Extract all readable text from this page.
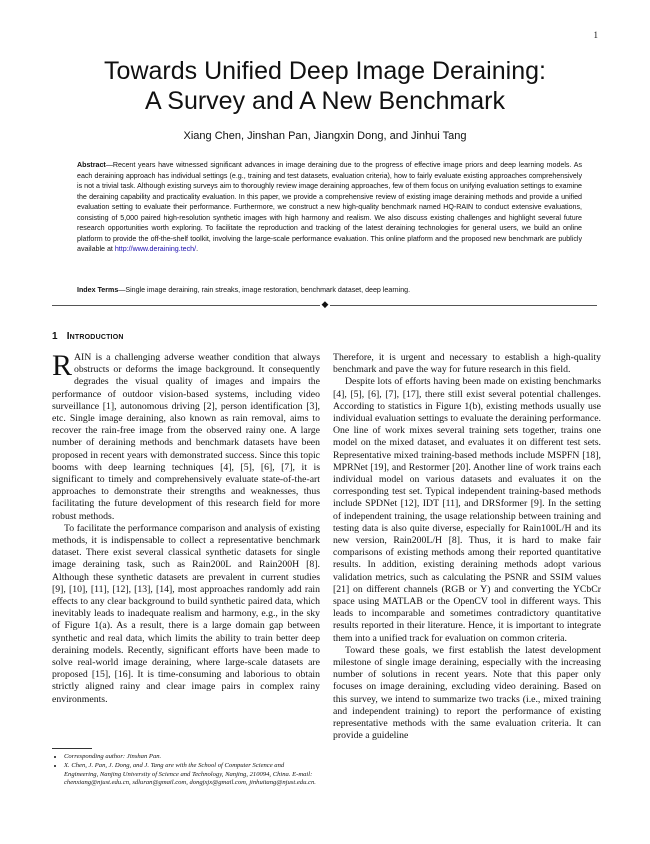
1
Towards Unified Deep Image Deraining:
A Survey and A New Benchmark
Xiang Chen, Jinshan Pan, Jiangxin Dong, and Jinhui Tang
Abstract—Recent years have witnessed significant advances in image deraining due to the progress of effective image priors and deep learning models. As each deraining approach has individual settings (e.g., training and test datasets, evaluation criteria), how to fairly evaluate existing approaches comprehensively is not a trivial task. Although existing surveys aim to thoroughly review image deraining approaches, few of them focus on unifying evaluation settings to examine the deraining capability and practicality evaluation. In this paper, we provide a comprehensive review of existing image deraining methods and provide a unified evaluation setting to evaluate their performance. Furthermore, we construct a new high-quality benchmark named HQ-RAIN to conduct extensive evaluations, consisting of 5,000 paired high-resolution synthetic images with high harmony and realism. We also discuss existing challenges and highlight several future research opportunities worth exploring. To facilitate the reproduction and tracking of the latest deraining technologies for general users, we build an online platform to provide the off-the-shelf toolkit, involving the large-scale performance evaluation. This online platform and the proposed new benchmark are publicly available at http://www.deraining.tech/.
Index Terms—Single image deraining, rain streaks, image restoration, benchmark dataset, deep learning.
◆
1 Introduction

RAIN is a challenging adverse weather condition that always obstructs or deforms the image background. It consequently degrades the visual quality of images and impairs the performance of outdoor vision-based systems, including video surveillance [1], autonomous driving [2], person identification [3], etc. Single image deraining, also known as rain removal, aims to recover the rain-free image from the observed rainy one. A large number of deraining methods and benchmark datasets have been proposed in recent years with demonstrated success. Since this topic booms with deep learning techniques [4], [5], [6], [7], it is significant to timely and comprehensively evaluate state-of-the-art approaches to demonstrate their strengths and weaknesses, thus facilitating the future development of this research field for more robust methods.

To facilitate the performance comparison and analysis of existing methods, it is indispensable to collect a representative benchmark dataset. There exist several classical synthetic datasets for single image deraining task, such as Rain200L and Rain200H [8]. Although these synthetic datasets are prevalent in current studies [9], [10], [11], [12], [13], [14], most approaches randomly add rain effects to any clear background to build synthetic paired data, which inevitably leads to inadequate realism and harmony, e.g., in the sky of Figure 1(a). As a result, there is a large domain gap between synthetic and real data, which limits the ability to train better deep deraining models. Recently, significant efforts have been made to solve real-world image deraining, where large-scale datasets are proposed [15], [16]. It is time-consuming and laborious to obtain strictly aligned rainy and clear image pairs in complex rainy environments.

Therefore, it is urgent and necessary to establish a high-quality benchmark and pave the way for future research in this field.

Despite lots of efforts having been made on existing benchmarks [4], [5], [6], [7], [17], there still exist several potential challenges. According to statistics in Figure 1(b), existing methods usually use individual evaluation settings to evaluate the deraining performance. One line of work mixes several training sets together, trains one model on the mixed dataset, and evaluates it on different test sets. Representative mixed training-based methods include MSPFN [18], MPRNet [19], and Restormer [20]. Another line of work trains each individual model on various datasets and evaluates it on the corresponding test set. Typical independent training-based methods include SPDNet [12], IDT [11], and DRSformer [9]. In the setting of independent training, the usage relationship between training and testing data is also quite diverse, especially for Rain100L/H and its new version, Rain200L/H [8]. Thus, it is hard to make fair comparisons of existing methods among their reported quantitative results. In addition, existing deraining methods adopt various validation metrics, such as calculating the PSNR and SSIM values [21] on different channels (RGB or Y) and converting the YCbCr space using MATLAB or the OpenCV tool in different ways. This leads to incomparable and sometimes contradictory quantitative results reported in their literature. Hence, it is important to integrate them into a unified track for evaluation on common criteria.

Toward these goals, we first establish the latest development milestone of single image deraining, especially with the increasing number of solutions in recent years. Note that this paper only focuses on image deraining, excluding video deraining. Based on this survey, we intend to summarize two tracks (i.e., mixed training and independent training) to report the performance of existing representative methods with the same evaluation criteria. It can provide a guideline

• Corresponding author: Jinshan Pan.
• X. Chen, J. Pan, J. Dong, and J. Tang are with the School of Computer Science and Engineering, Nanjing University of Science and Technology, Nanjing, 210094, China. E-mail: chenxiang@njust.edu.cn, sdluran@gmail.com, dongjxjx@gmail.com, jinhuitang@njust.edu.cn.
